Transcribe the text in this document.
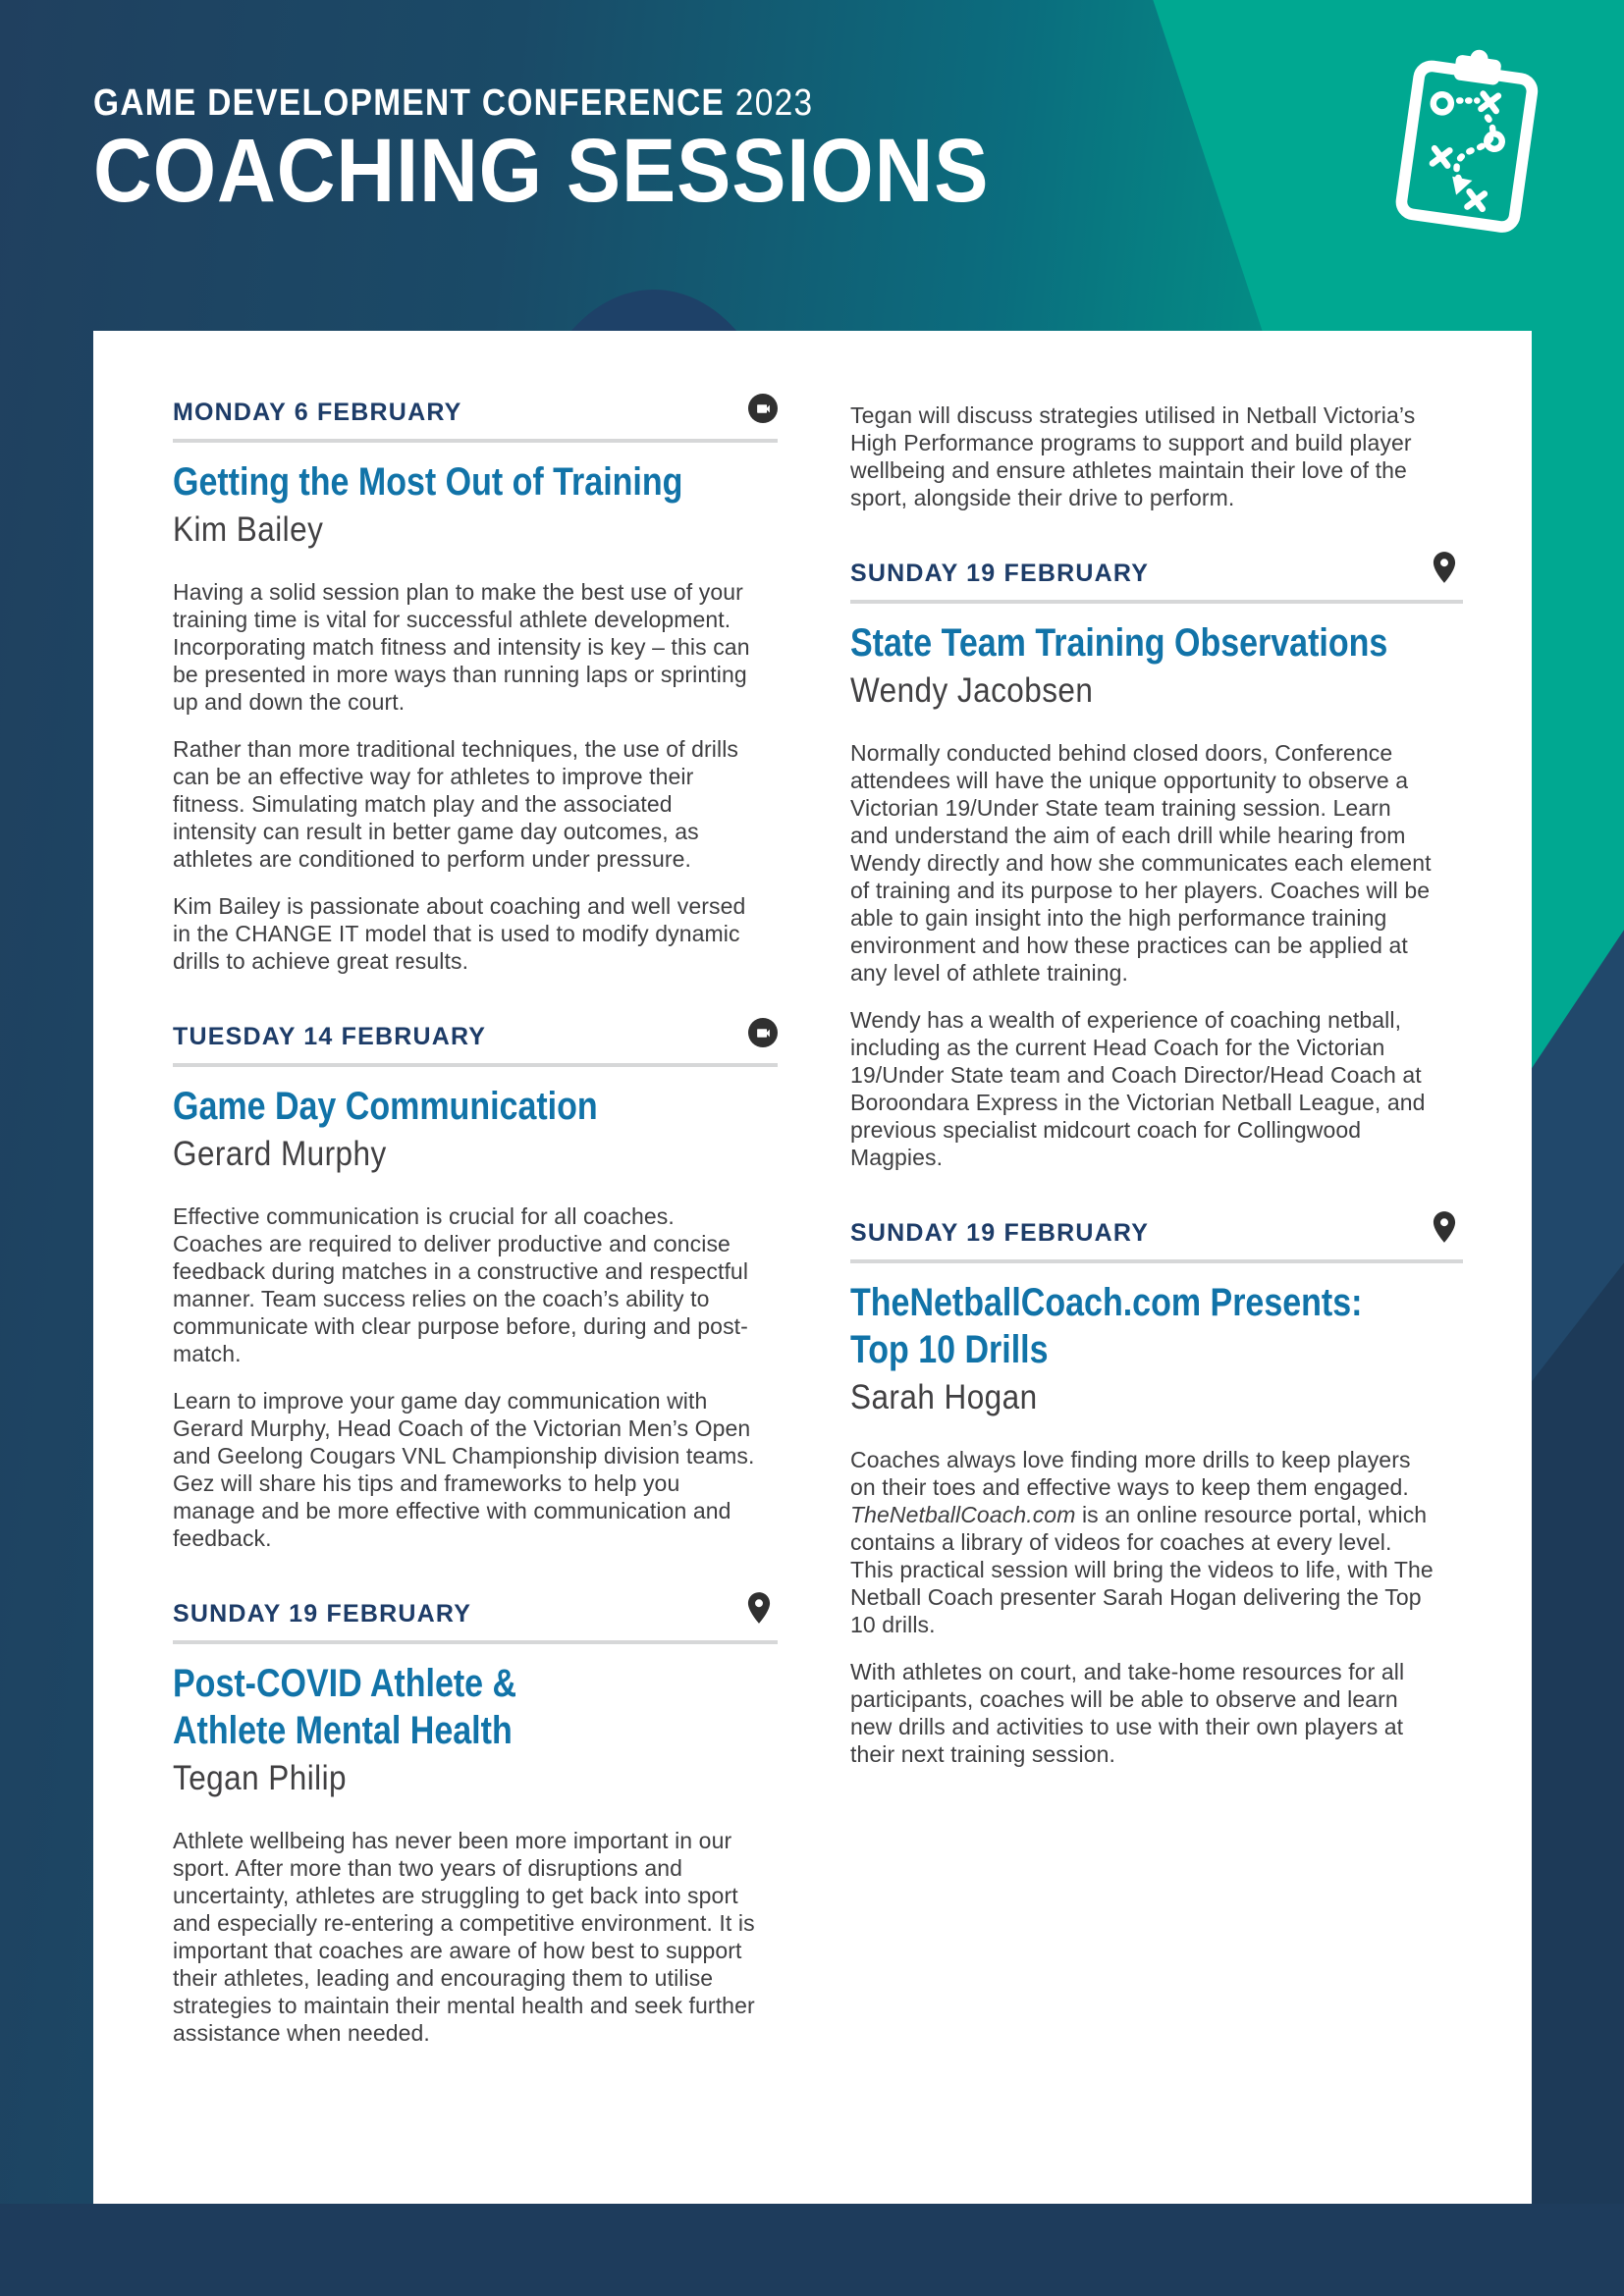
GAME DEVELOPMENT CONFERENCE 2023
COACHING SESSIONS
MONDAY 6 FEBRUARY
Getting the Most Out of Training
Kim Bailey

Having a solid session plan to make the best use of your training time is vital for successful athlete development. Incorporating match fitness and intensity is key – this can be presented in more ways than running laps or sprinting up and down the court.

Rather than more traditional techniques, the use of drills can be an effective way for athletes to improve their fitness. Simulating match play and the associated intensity can result in better game day outcomes, as athletes are conditioned to perform under pressure.

Kim Bailey is passionate about coaching and well versed in the CHANGE IT model that is used to modify dynamic drills to achieve great results.

TUESDAY 14 FEBRUARY
Game Day Communication
Gerard Murphy

Effective communication is crucial for all coaches. Coaches are required to deliver productive and concise feedback during matches in a constructive and respectful manner. Team success relies on the coach’s ability to communicate with clear purpose before, during and post-match.

Learn to improve your game day communication with Gerard Murphy, Head Coach of the Victorian Men’s Open and Geelong Cougars VNL Championship division teams. Gez will share his tips and frameworks to help you manage and be more effective with communication and feedback.

SUNDAY 19 FEBRUARY
Post-COVID Athlete &
Athlete Mental Health
Tegan Philip

Athlete wellbeing has never been more important in our sport. After more than two years of disruptions and uncertainty, athletes are struggling to get back into sport and especially re-entering a competitive environment. It is important that coaches are aware of how best to support their athletes, leading and encouraging them to utilise strategies to maintain their mental health and seek further assistance when needed.

Tegan will discuss strategies utilised in Netball Victoria’s High Performance programs to support and build player wellbeing and ensure athletes maintain their love of the sport, alongside their drive to perform.

SUNDAY 19 FEBRUARY
State Team Training Observations
Wendy Jacobsen

Normally conducted behind closed doors, Conference attendees will have the unique opportunity to observe a Victorian 19/Under State team training session. Learn and understand the aim of each drill while hearing from Wendy directly and how she communicates each element of training and its purpose to her players. Coaches will be able to gain insight into the high performance training environment and how these practices can be applied at any level of athlete training.

Wendy has a wealth of experience of coaching netball, including as the current Head Coach for the Victorian 19/Under State team and Coach Director/Head Coach at Boroondara Express in the Victorian Netball League, and previous specialist midcourt coach for Collingwood Magpies.

SUNDAY 19 FEBRUARY
TheNetballCoach.com Presents:
Top 10 Drills
Sarah Hogan

Coaches always love finding more drills to keep players on their toes and effective ways to keep them engaged. TheNetballCoach.com is an online resource portal, which contains a library of videos for coaches at every level. This practical session will bring the videos to life, with The Netball Coach presenter Sarah Hogan delivering the Top 10 drills.

With athletes on court, and take-home resources for all participants, coaches will be able to observe and learn new drills and activities to use with their own players at their next training session.
